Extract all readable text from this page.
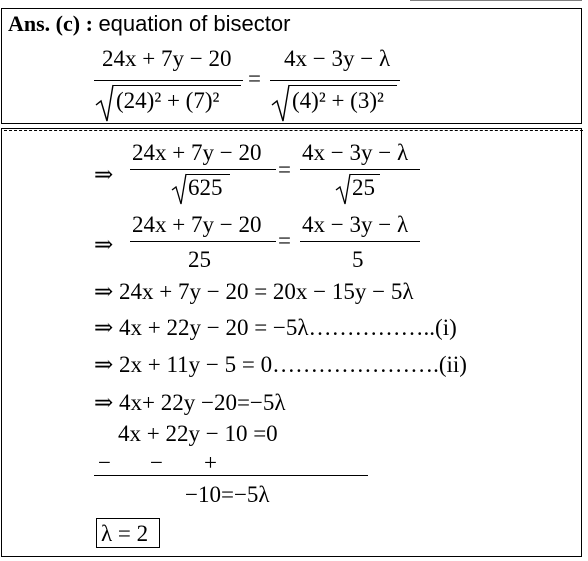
Ans. (c) : equation of bisector
24x + 7y − 20
(24)² + (7)²
=
4x − 3y − λ
(4)² + (3)²
⇒
24x + 7y − 20
625
=
4x − 3y − λ
25
⇒
24x + 7y − 20
25
=
4x − 3y − λ
5
⇒ 24x + 7y − 20 = 20x − 15y − 5λ
⇒ 4x + 22y − 20 = −5λ……………..(i)
⇒ 2x + 11y − 5 = 0………………….(ii)
⇒ 4x+ 22y −20=−5λ
4x + 22y − 10 =0
− − +
−10=−5λ
λ = 2
